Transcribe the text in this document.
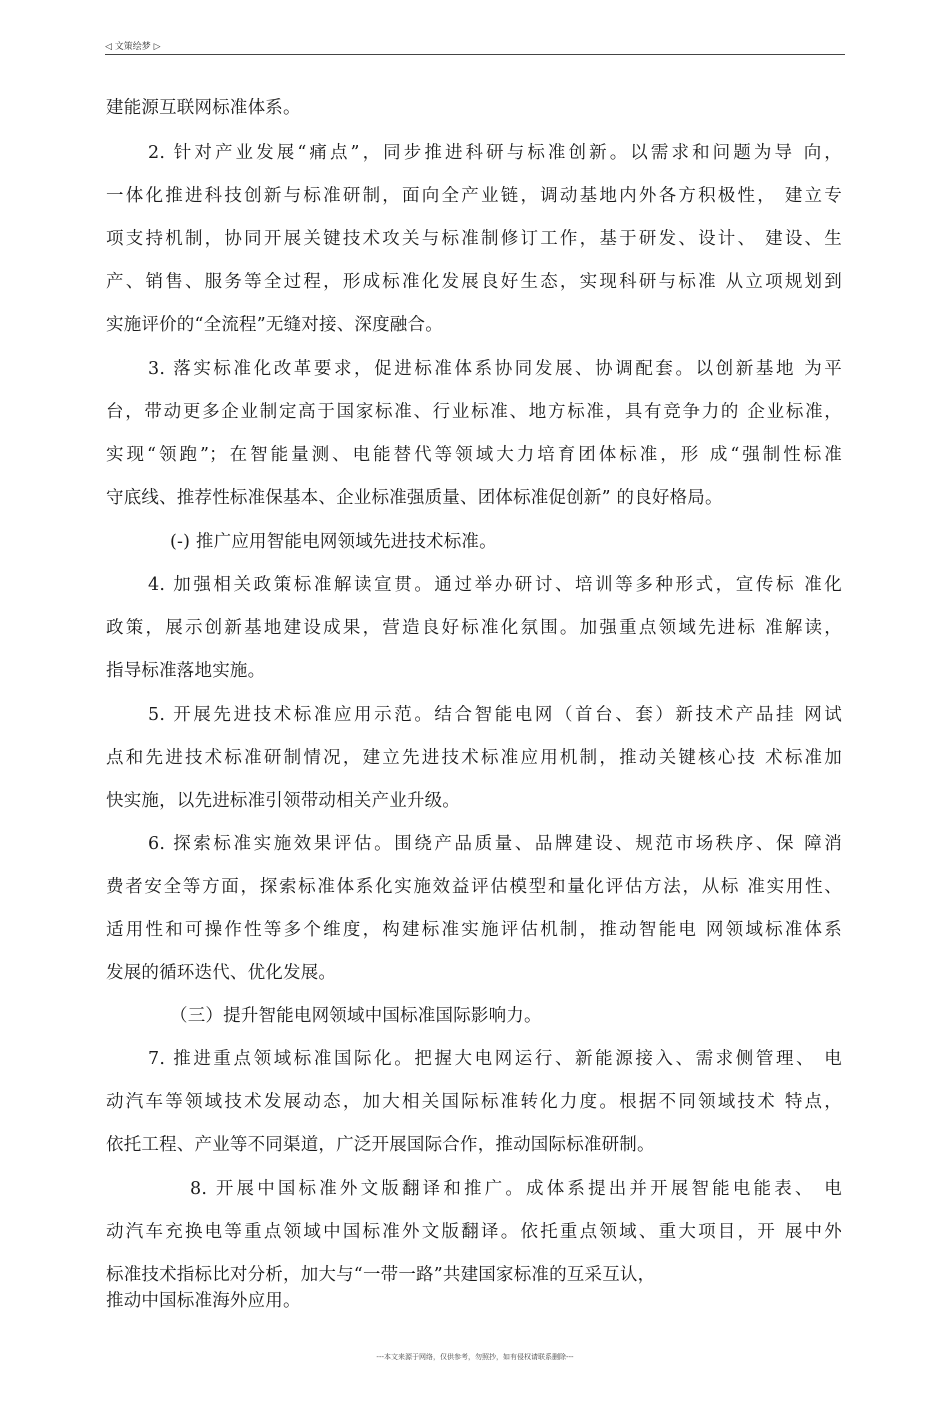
◁ 文策绘梦 ▷
建能源互联网标准体系。
2. 针对产业发展“痛点”，同步推进科研与标准创新。以需求和问题为导 向，
一体化推进科技创新与标准研制，面向全产业链，调动基地内外各方积极性， 建立专
项支持机制，协同开展关键技术攻关与标准制修订工作，基于研发、设计、 建设、生
产、销售、服务等全过程，形成标准化发展良好生态，实现科研与标准 从立项规划到
实施评价的“全流程”无缝对接、深度融合。
3. 落实标准化改革要求，促进标准体系协同发展、协调配套。以创新基地 为平
台，带动更多企业制定高于国家标准、行业标准、地方标准，具有竞争力的 企业标准，
实现“领跑”；在智能量测、电能替代等领域大力培育团体标准，形 成“强制性标准
守底线、推荐性标准保基本、企业标准强质量、团体标准促创新” 的良好格局。
(-) 推广应用智能电网领域先进技术标准。
4. 加强相关政策标准解读宣贯。通过举办研讨、培训等多种形式，宣传标 准化
政策，展示创新基地建设成果，营造良好标准化氛围。加强重点领域先进标 准解读，
指导标准落地实施。
5. 开展先进技术标准应用示范。结合智能电网（首台、套）新技术产品挂 网试
点和先进技术标准研制情况，建立先进技术标准应用机制，推动关键核心技 术标准加
快实施，以先进标准引领带动相关产业升级。
6. 探索标准实施效果评估。围绕产品质量、品牌建设、规范市场秩序、保 障消
费者安全等方面，探索标准体系化实施效益评估模型和量化评估方法，从标 准实用性、
适用性和可操作性等多个维度，构建标准实施评估机制，推动智能电 网领域标准体系
发展的循环迭代、优化发展。
（三）提升智能电网领域中国标准国际影响力。
7. 推进重点领域标准国际化。把握大电网运行、新能源接入、需求侧管理、 电
动汽车等领域技术发展动态，加大相关国际标准转化力度。根据不同领域技术 特点，
依托工程、产业等不同渠道，广泛开展国际合作，推动国际标准研制。
8. 开展中国标准外文版翻译和推广。成体系提出并开展智能电能表、 电
动汽车充换电等重点领域中国标准外文版翻译。依托重点领域、重大项目，开 展中外
标准技术指标比对分析，加大与“一带一路”共建国家标准的互采互认，
推动中国标准海外应用。
---本文来源于网络，仅供参考，勿照抄，如有侵权请联系删除---
